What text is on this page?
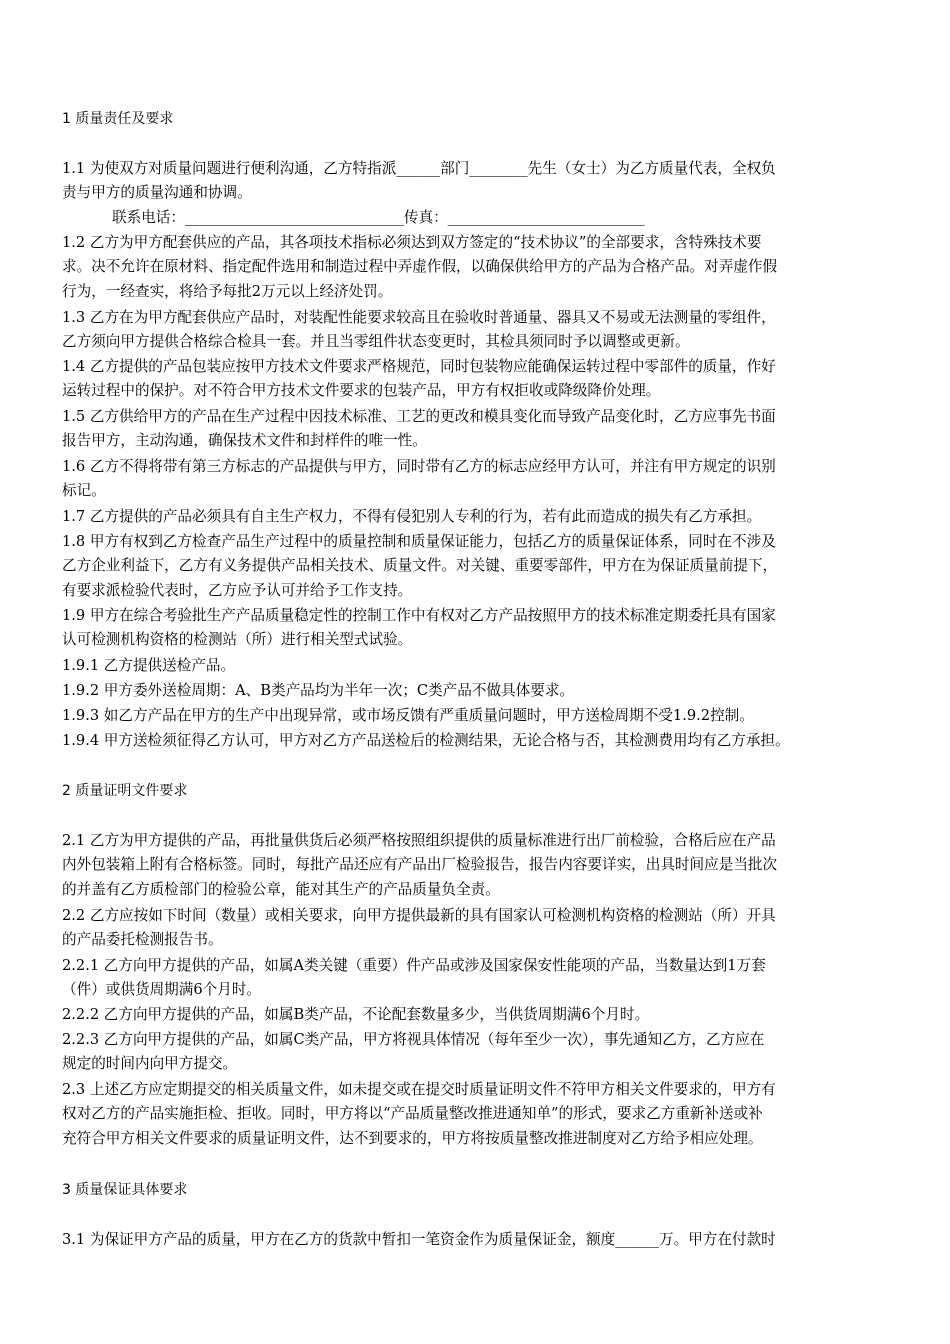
1 质量责任及要求
1.1 为使双方对质量问题进行便利沟通，乙方特指派______部门________先生（女士）为乙方质量代表，全权负
责与甲方的质量沟通和协调。
联系电话：______________________________传真：___________________________
1.2 乙方为甲方配套供应的产品，其各项技术指标必须达到双方签定的“技术协议”的全部要求，含特殊技术要
求。决不允许在原材料、指定配件选用和制造过程中弄虚作假，以确保供给甲方的产品为合格产品。对弄虚作假
行为，一经查实，将给予每批2万元以上经济处罚。
1.3 乙方在为甲方配套供应产品时，对装配性能要求较高且在验收时普通量、器具又不易或无法测量的零组件，
乙方须向甲方提供合格综合检具一套。并且当零组件状态变更时，其检具须同时予以调整或更新。
1.4 乙方提供的产品包装应按甲方技术文件要求严格规范，同时包装物应能确保运转过程中零部件的质量，作好
运转过程中的保护。对不符合甲方技术文件要求的包装产品，甲方有权拒收或降级降价处理。
1.5 乙方供给甲方的产品在生产过程中因技术标准、工艺的更改和模具变化而导致产品变化时，乙方应事先书面
报告甲方，主动沟通，确保技术文件和封样件的唯一性。
1.6 乙方不得将带有第三方标志的产品提供与甲方，同时带有乙方的标志应经甲方认可，并注有甲方规定的识别
标记。
1.7 乙方提供的产品必须具有自主生产权力，不得有侵犯别人专利的行为，若有此而造成的损失有乙方承担。
1.8 甲方有权到乙方检查产品生产过程中的质量控制和质量保证能力，包括乙方的质量保证体系，同时在不涉及
乙方企业利益下，乙方有义务提供产品相关技术、质量文件。对关键、重要零部件，甲方在为保证质量前提下，
有要求派检验代表时，乙方应予认可并给予工作支持。
1.9 甲方在综合考验批生产产品质量稳定性的控制工作中有权对乙方产品按照甲方的技术标准定期委托具有国家
认可检测机构资格的检测站（所）进行相关型式试验。
1.9.1 乙方提供送检产品。
1.9.2 甲方委外送检周期：A、B类产品均为半年一次；C类产品不做具体要求。
1.9.3 如乙方产品在甲方的生产中出现异常，或市场反馈有严重质量问题时，甲方送检周期不受1.9.2控制。
1.9.4 甲方送检须征得乙方认可，甲方对乙方产品送检后的检测结果，无论合格与否，其检测费用均有乙方承担。
2 质量证明文件要求
2.1 乙方为甲方提供的产品，再批量供货后必须严格按照组织提供的质量标准进行出厂前检验，合格后应在产品
内外包装箱上附有合格标签。同时，每批产品还应有产品出厂检验报告，报告内容要详实，出具时间应是当批次
的并盖有乙方质检部门的检验公章，能对其生产的产品质量负全责。
2.2 乙方应按如下时间（数量）或相关要求，向甲方提供最新的具有国家认可检测机构资格的检测站（所）开具
的产品委托检测报告书。
2.2.1 乙方向甲方提供的产品，如属A类关键（重要）件产品或涉及国家保安性能项的产品，当数量达到1万套
（件）或供货周期满6个月时。
2.2.2 乙方向甲方提供的产品，如属B类产品，不论配套数量多少，当供货周期满6个月时。
2.2.3 乙方向甲方提供的产品，如属C类产品，甲方将视具体情况（每年至少一次），事先通知乙方，乙方应在
规定的时间内向甲方提交。
2.3 上述乙方应定期提交的相关质量文件，如未提交或在提交时质量证明文件不符甲方相关文件要求的，甲方有
权对乙方的产品实施拒检、拒收。同时，甲方将以“产品质量整改推进通知单”的形式，要求乙方重新补送或补
充符合甲方相关文件要求的质量证明文件，达不到要求的，甲方将按质量整改推进制度对乙方给予相应处理。
3 质量保证具体要求
3.1 为保证甲方产品的质量，甲方在乙方的货款中暂扣一笔资金作为质量保证金，额度______万。甲方在付款时
